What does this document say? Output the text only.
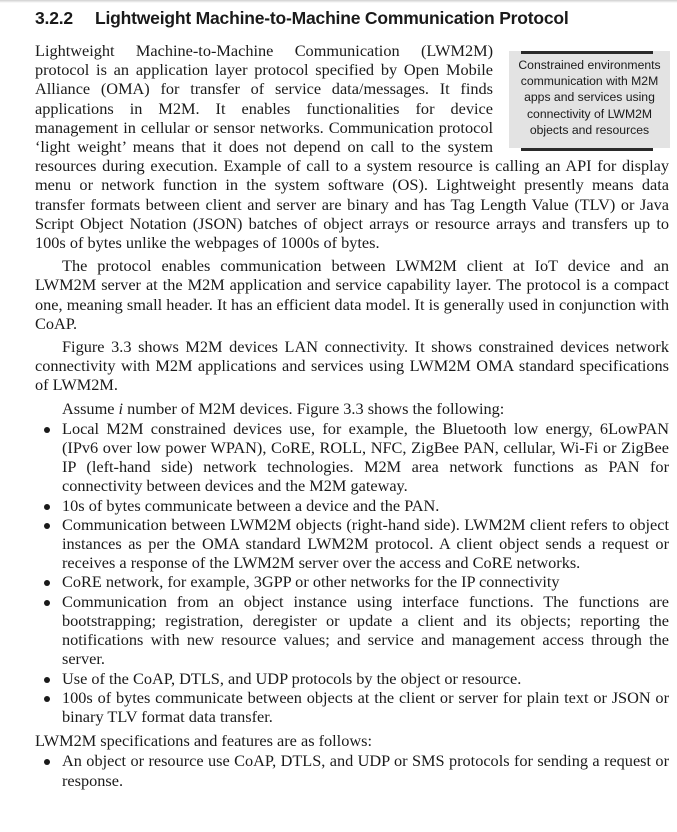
3.2.2 Lightweight Machine-to-Machine Communication Protocol
Constrained environments communication with M2M apps and services using connectivity of LWM2M objects and resources

Lightweight Machine-to-Machine Communication (LWM2M) protocol is an application layer protocol specified by Open Mobile Alliance (OMA) for transfer of service data/messages. It finds applications in M2M. It enables functionalities for device management in cellular or sensor networks. Communication protocol ‘light weight’ means that it does not depend on call to the system resources during execution. Example of call to a system resource is calling an API for display menu or network function in the system software (OS). Lightweight presently means data transfer formats between client and server are binary and has Tag Length Value (TLV) or Java Script Object Notation (JSON) batches of object arrays or resource arrays and transfers up to 100s of bytes unlike the webpages of 1000s of bytes.

The protocol enables communication between LWM2M client at IoT device and an LWM2M server at the M2M application and service capability layer. The protocol is a compact one, meaning small header. It has an efficient data model. It is generally used in conjunction with CoAP.

Figure 3.3 shows M2M devices LAN connectivity. It shows constrained devices network connectivity with M2M applications and services using LWM2M OMA standard specifications of LWM2M.

Assume i number of M2M devices. Figure 3.3 shows the following:

Local M2M constrained devices use, for example, the Bluetooth low energy, 6LowPAN (IPv6 over low power WPAN), CoRE, ROLL, NFC, ZigBee PAN, cellular, Wi-Fi or ZigBee IP (left-hand side) network technologies. M2M area network functions as PAN for connectivity between devices and the M2M gateway.
10s of bytes communicate between a device and the PAN.
Communication between LWM2M objects (right-hand side). LWM2M client refers to object instances as per the OMA standard LWM2M protocol. A client object sends a request or receives a response of the LWM2M server over the access and CoRE networks.
CoRE network, for example, 3GPP or other networks for the IP connectivity
Communication from an object instance using interface functions. The functions are bootstrapping; registration, deregister or update a client and its objects; reporting the notifications with new resource values; and service and management access through the server.
Use of the CoAP, DTLS, and UDP protocols by the object or resource.
100s of bytes communicate between objects at the client or server for plain text or JSON or binary TLV format data transfer.

LWM2M specifications and features are as follows:

An object or resource use CoAP, DTLS, and UDP or SMS protocols for sending a request or response.
